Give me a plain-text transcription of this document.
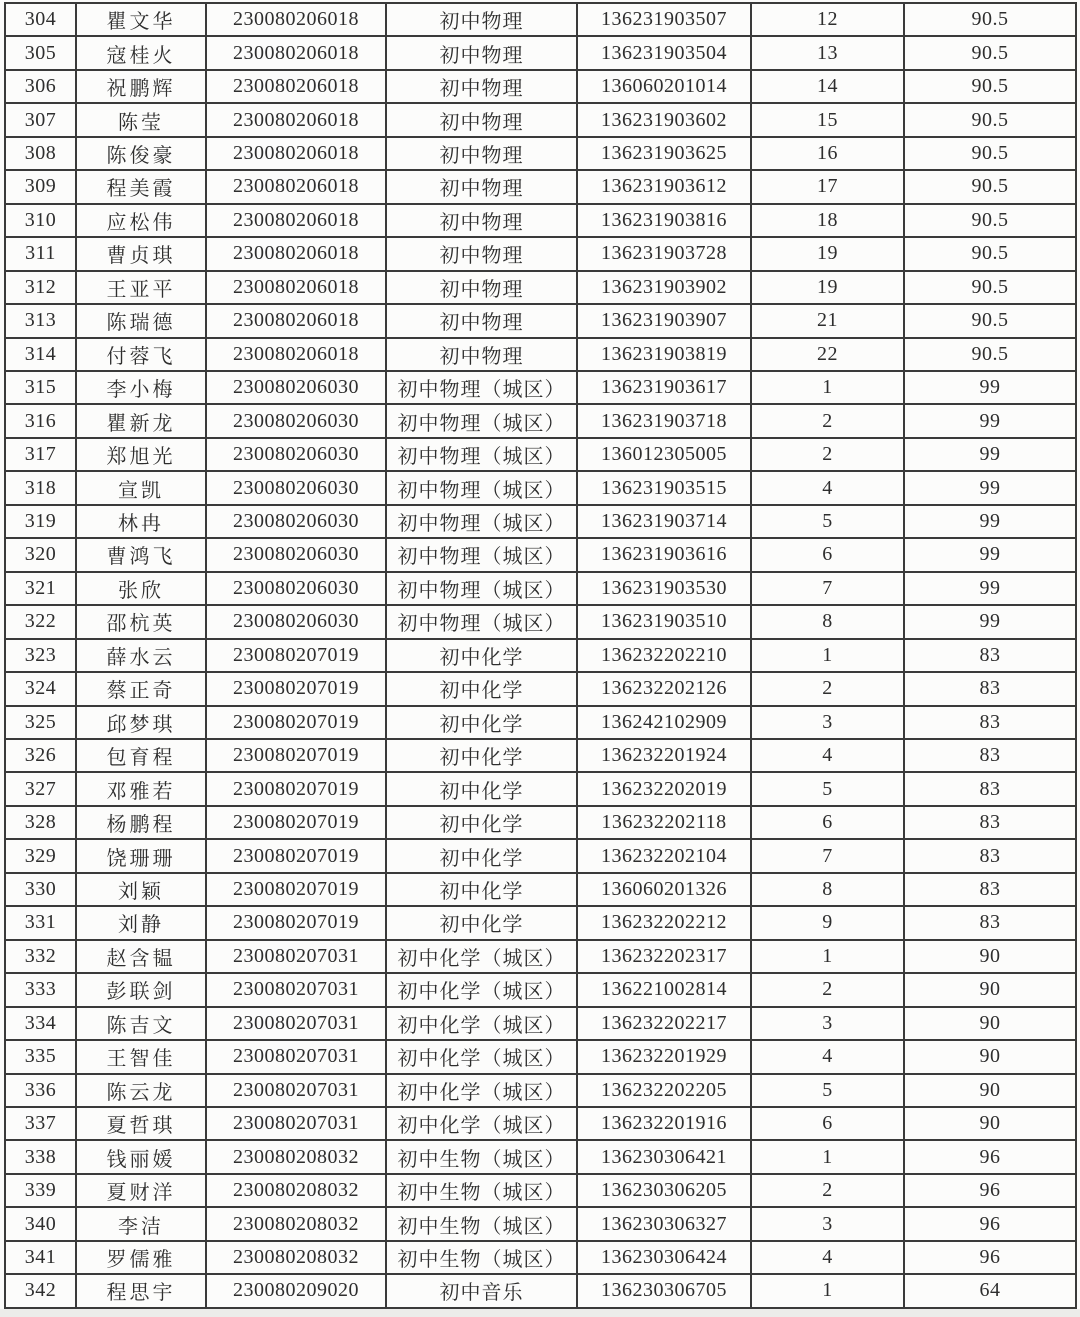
304	瞿文华	230080206018	初中物理	136231903507	12	90.5
305	寇桂火	230080206018	初中物理	136231903504	13	90.5
306	祝鹏辉	230080206018	初中物理	136060201014	14	90.5
307	陈莹	230080206018	初中物理	136231903602	15	90.5
308	陈俊豪	230080206018	初中物理	136231903625	16	90.5
309	程美霞	230080206018	初中物理	136231903612	17	90.5
310	应松伟	230080206018	初中物理	136231903816	18	90.5
311	曹贞琪	230080206018	初中物理	136231903728	19	90.5
312	王亚平	230080206018	初中物理	136231903902	19	90.5
313	陈瑞德	230080206018	初中物理	136231903907	21	90.5
314	付蓉飞	230080206018	初中物理	136231903819	22	90.5
315	李小梅	230080206030	初中物理（城区）	136231903617	1	99
316	瞿新龙	230080206030	初中物理（城区）	136231903718	2	99
317	郑旭光	230080206030	初中物理（城区）	136012305005	2	99
318	宣凯	230080206030	初中物理（城区）	136231903515	4	99
319	林冉	230080206030	初中物理（城区）	136231903714	5	99
320	曹鸿飞	230080206030	初中物理（城区）	136231903616	6	99
321	张欣	230080206030	初中物理（城区）	136231903530	7	99
322	邵杭英	230080206030	初中物理（城区）	136231903510	8	99
323	薛水云	230080207019	初中化学	136232202210	1	83
324	蔡正奇	230080207019	初中化学	136232202126	2	83
325	邱梦琪	230080207019	初中化学	136242102909	3	83
326	包育程	230080207019	初中化学	136232201924	4	83
327	邓雅若	230080207019	初中化学	136232202019	5	83
328	杨鹏程	230080207019	初中化学	136232202118	6	83
329	饶珊珊	230080207019	初中化学	136232202104	7	83
330	刘颖	230080207019	初中化学	136060201326	8	83
331	刘静	230080207019	初中化学	136232202212	9	83
332	赵含韫	230080207031	初中化学（城区）	136232202317	1	90
333	彭联剑	230080207031	初中化学（城区）	136221002814	2	90
334	陈吉文	230080207031	初中化学（城区）	136232202217	3	90
335	王智佳	230080207031	初中化学（城区）	136232201929	4	90
336	陈云龙	230080207031	初中化学（城区）	136232202205	5	90
337	夏哲琪	230080207031	初中化学（城区）	136232201916	6	90
338	钱丽媛	230080208032	初中生物（城区）	136230306421	1	96
339	夏财洋	230080208032	初中生物（城区）	136230306205	2	96
340	李洁	230080208032	初中生物（城区）	136230306327	3	96
341	罗儒雅	230080208032	初中生物（城区）	136230306424	4	96
342	程思宇	230080209020	初中音乐	136230306705	1	64
